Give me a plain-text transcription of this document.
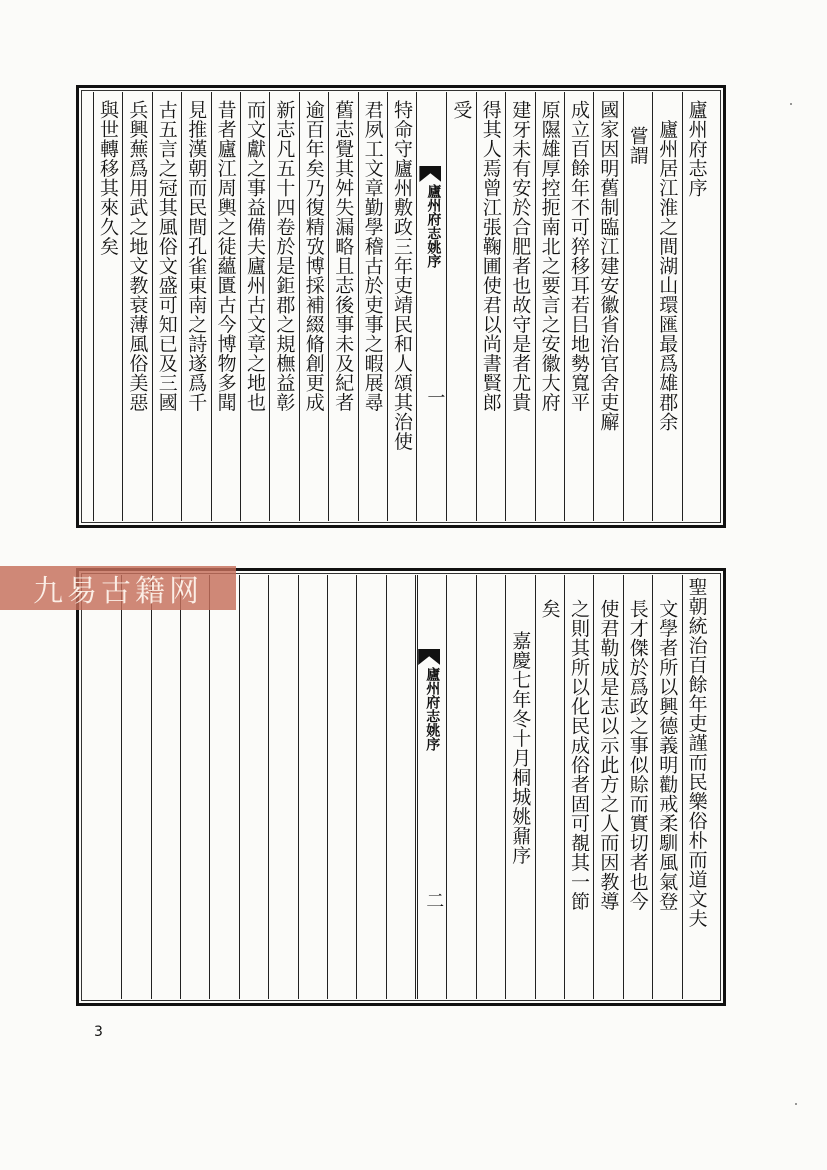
廬州府志序
　廬州居江淮之間湖山環匯最爲雄郡余
嘗謂
國家因明舊制臨江建安徽省治官舍吏廨
成立百餘年不可猝移耳若㠯地勢寬平
原隰雄厚控扼南北之要言之安徽大府
建牙未有安於合肥者也故守是者尤貴
得其人焉曾江張鞠圃使君以尚書賢郎
受
廬州府志姚序
一
特命守廬州敷政三年吏靖民和人頌其治使
君夙工文章勤學稽古於吏事之暇展尋
舊志覺其舛失漏略且志後事未及紀者
逾百年矣乃復精攷博採補綴脩創更成
新志凡五十四卷於是鉅郡之規橅益彰
而文獻之事益備夫廬州古文章之地也
昔者廬江周輿之徒蘊匱古今博物多聞
見推漢朝而民間孔雀東南之詩遂爲千
古五言之冠其風俗文盛可知已及三國
兵興蕪爲用武之地文教衰薄風俗美惡
與世轉移其來久矣
聖朝統治百餘年吏謹而民樂俗朴而道文夫
文學者所以興德義明勸戒柔馴風氣登
長才傑於爲政之事似賒而實切者也今
使君勒成是志以示此方之人而因教導
之則其所以化民成俗者固可覩其一節
矣
嘉慶七年冬十月桐城姚鼐序
廬州府志姚序
二
九易古籍网
3
